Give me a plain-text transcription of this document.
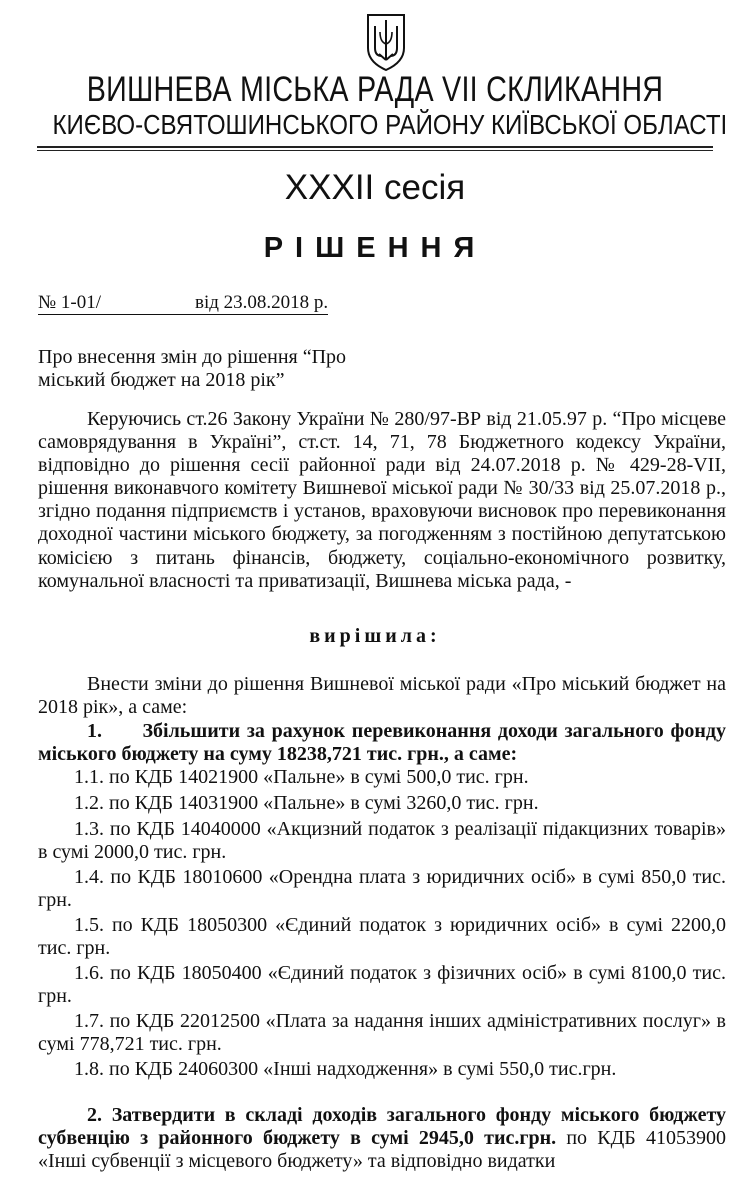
ВИШНЕВА МІСЬКА РАДА VII СКЛИКАННЯ
КИЄВО-СВЯТОШИНСЬКОГО РАЙОНУ КИЇВСЬКОЇ ОБЛАСТІ
XXXII сесія
РІШЕННЯ
№ 1-01/	від 23.08.2018 р.
Про внесення змін до рішення “Про міський бюджет на 2018 рік”
Керуючись ст.26 Закону України № 280/97-ВР від 21.05.97 р. “Про місцеве самоврядування в Україні”, ст.ст. 14, 71, 78 Бюджетного кодексу України, відповідно до рішення сесії районної ради від 24.07.2018 р. № 429-28-VII, рішення виконавчого комітету Вишневої міської ради № 30/33 від 25.07.2018 р., згідно подання підприємств і установ, враховуючи висновок про перевиконання доходної частини міського бюджету, за погодженням з постійною депутатською комісією з питань фінансів, бюджету, соціально-економічного розвитку, комунальної власності та приватизації, Вишнева міська рада, -
вирішила:
Внести зміни до рішення Вишневої міської ради «Про міський бюджет на 2018 рік», а саме:
1. Збільшити за рахунок перевиконання доходи загального фонду міського бюджету на суму 18238,721 тис. грн., а саме:
1.1. по КДБ 14021900 «Пальне» в сумі 500,0 тис. грн.
1.2. по КДБ 14031900 «Пальне» в сумі 3260,0 тис. грн.
1.3. по КДБ 14040000 «Акцизний податок з реалізації підакцизних товарів» в сумі 2000,0 тис. грн.
1.4. по КДБ 18010600 «Орендна плата з юридичних осіб» в сумі 850,0 тис. грн.
1.5. по КДБ 18050300 «Єдиний податок з юридичних осіб» в сумі 2200,0 тис. грн.
1.6. по КДБ 18050400 «Єдиний податок з фізичних осіб» в сумі 8100,0 тис. грн.
1.7. по КДБ 22012500 «Плата за надання інших адміністративних послуг» в сумі 778,721 тис. грн.
1.8. по КДБ 24060300 «Інші надходження» в сумі 550,0 тис.грн.
2. Затвердити в складі доходів загального фонду міського бюджету субвенцію з районного бюджету в сумі 2945,0 тис.грн. по КДБ 41053900 «Інші субвенції з місцевого бюджету» та відповідно видатки
